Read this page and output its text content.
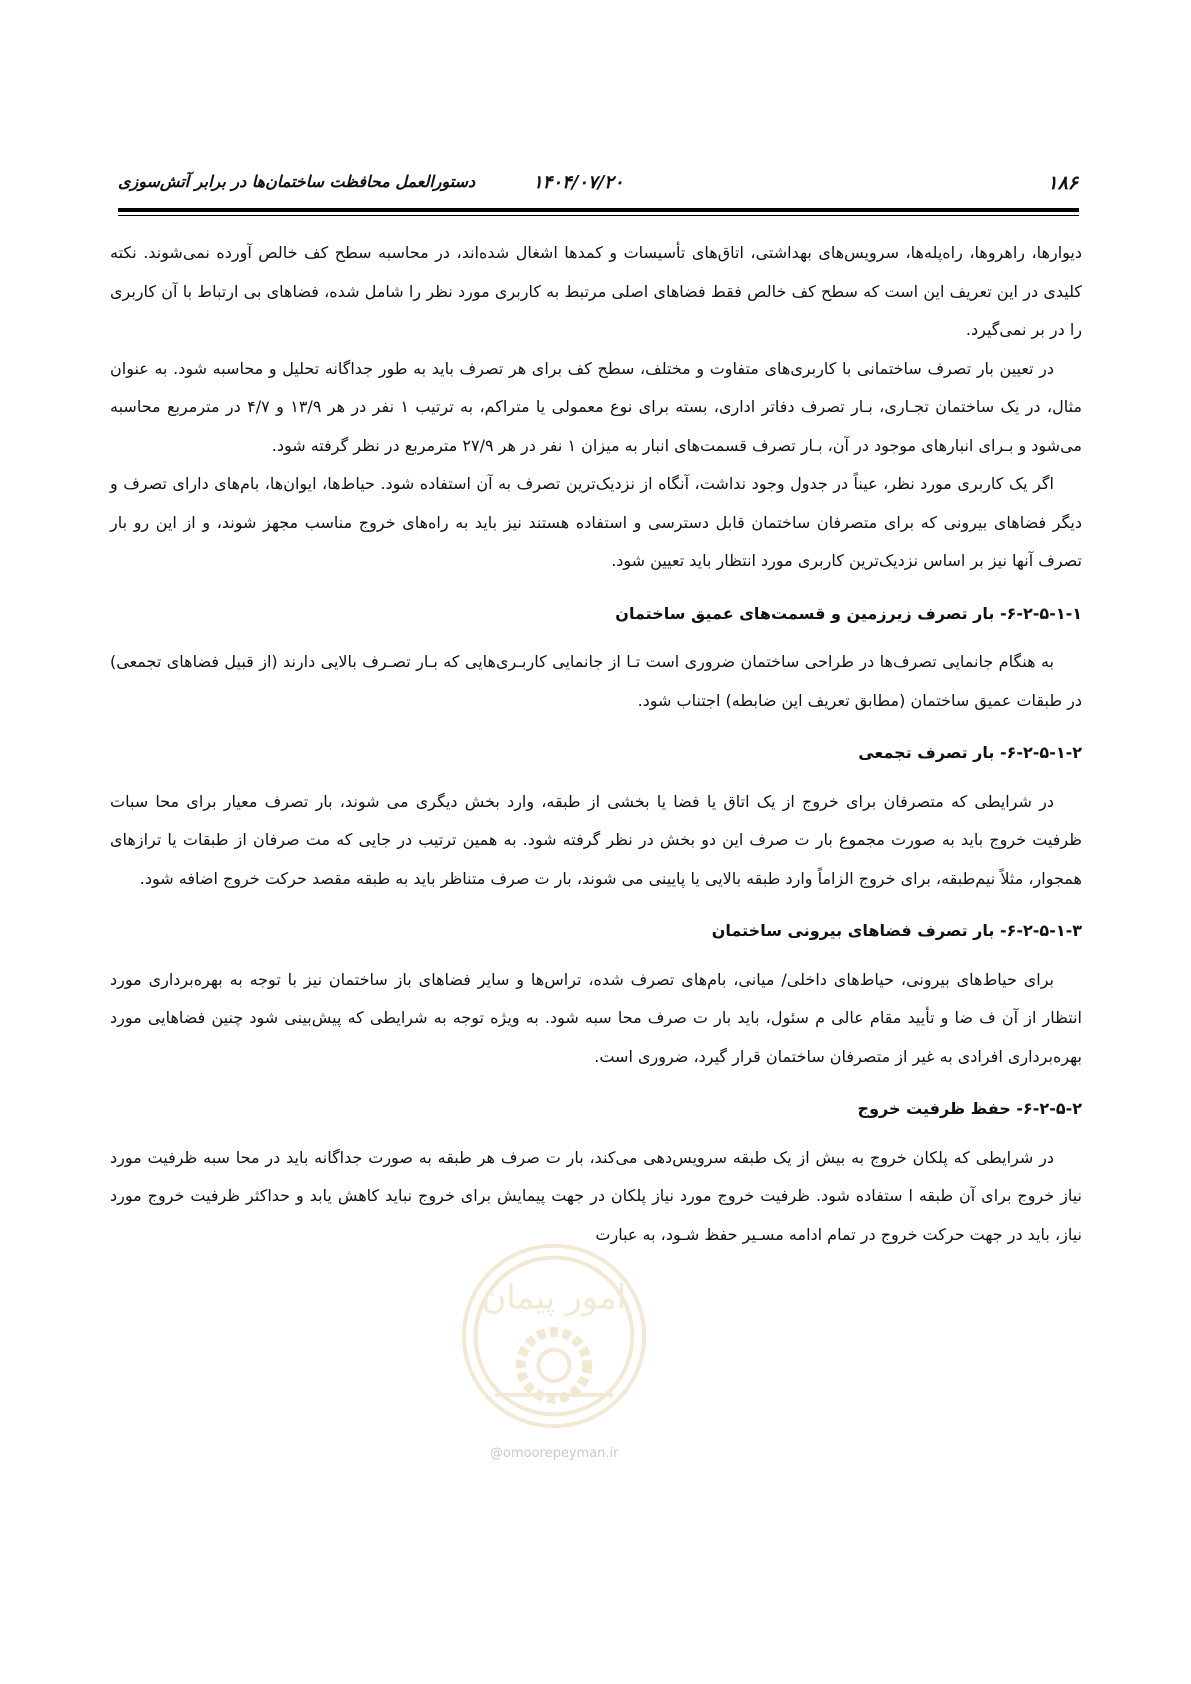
۱۸۶
۱۴۰۴/۰۷/۲۰
دستورالعمل محافظت ساختمان‌ها در برابر آتش‌سوزی

دیوارها، راهروها، راه‌پله‌ها، سرویس‌های بهداشتی، اتاق‌های تأسیسات و کمدها اشغال شده‌اند، در محاسبه سطح کف خالص آورده نمی‌شوند. نکته کلیدی در این تعریف این است که سطح کف خالص فقط فضاهای اصلی مرتبط به کاربری مورد نظر را شامل شده، فضاهای بی ارتباط با آن کاربری را در بر نمی‌گیرد.

در تعیین بار تصرف ساختمانی با کاربری‌های متفاوت و مختلف، سطح کف برای هر تصرف باید به طور جداگانه تحلیل و محاسبه شود. به عنوان مثال، در یک ساختمان تجـاری، بـار تصرف دفاتر اداری، بسته برای نوع معمولی یا متراکم، به ترتیب ۱ نفر در هر ۱۳/۹ و ۴/۷ در مترمربع محاسبه می‌شود و بـرای انبارهای موجود در آن، بـار تصرف قسمت‌های انبار به میزان ۱ نفر در هر ۲۷/۹ مترمربع در نظر گرفته شود.

اگر یک کاربری مورد نظر، عیناً در جدول وجود نداشت، آنگاه از نزدیک‌ترین تصرف به آن استفاده شود. حیاط‌ها، ایوان‌ها، بام‌های دارای تصرف و دیگر فضاهای بیرونی که برای متصرفان ساختمان قابل دسترسی و استفاده هستند نیز باید به راه‌های خروج مناسب مجهز شوند، و از این رو بار تصرف آنها نیز بر اساس نزدیک‌ترین کاربری مورد انتظار باید تعیین شود.

۶-۲-۵-۱-۱- بار تصرف زیرزمین و قسمت‌های عمیق ساختمان

به هنگام جانمایی تصرف‌ها در طراحی ساختمان ضروری است تـا از جانمایی کاربـری‌هایی که بـار تصـرف بالایی دارند (از قبیل فضاهای تجمعی) در طبقات عمیق ساختمان (مطابق تعریف این ضابطه) اجتناب شود.

۶-۲-۵-۱-۲- بار تصرف تجمعی

در شرایطی که متصرفان برای خروج از یک اتاق یا فضا یا بخشی از طبقه، وارد بخش دیگری می شوند، بار تصرف معیار برای محا سبات ظرفیت خروج باید به صورت مجموع بار ت صرف این دو بخش در نظر گرفته شود. به همین ترتیب در جایی که مت صرفان از طبقات یا ترازهای همجوار، مثلاً نیم‌طبقه، برای خروج الزاماً وارد طبقه بالایی یا پایینی می شوند، بار ت صرف متناظر باید به طبقه مقصد حرکت خروج اضافه شود.

۶-۲-۵-۱-۳- بار تصرف فضاهای بیرونی ساختمان

برای حیاط‌های بیرونی، حیاط‌های داخلی/ میانی، بام‌های تصرف شده، تراس‌ها و سایر فضاهای باز ساختمان نیز با توجه به بهره‌برداری مورد انتظار از آن ف ضا و تأیید مقام عالی م سئول، باید بار ت صرف محا سبه شود. به ویژه توجه به شرایطی که پیش‌بینی شود چنین فضاهایی مورد بهره‌برداری افرادی به غیر از متصرفان ساختمان قرار گیرد، ضروری است.

۶-۲-۵-۲- حفظ ظرفیت خروج

در شرایطی که پلکان خروج به بیش از یک طبقه سرویس‌دهی می‌کند، بار ت صرف هر طبقه به صورت جداگانه باید در محا سبه ظرفیت مورد نیاز خروج برای آن طبقه ا ستفاده شود. ظرفیت خروج مورد نیاز پلکان در جهت پیمایش برای خروج نباید کاهش یابد و حداکثر ظرفیت خروج مورد نیاز، باید در جهت حرکت خروج در تمام ادامه مسـیر حفظ شـود، به عبارت

امور پیمان
@omoorepeyman.ir
